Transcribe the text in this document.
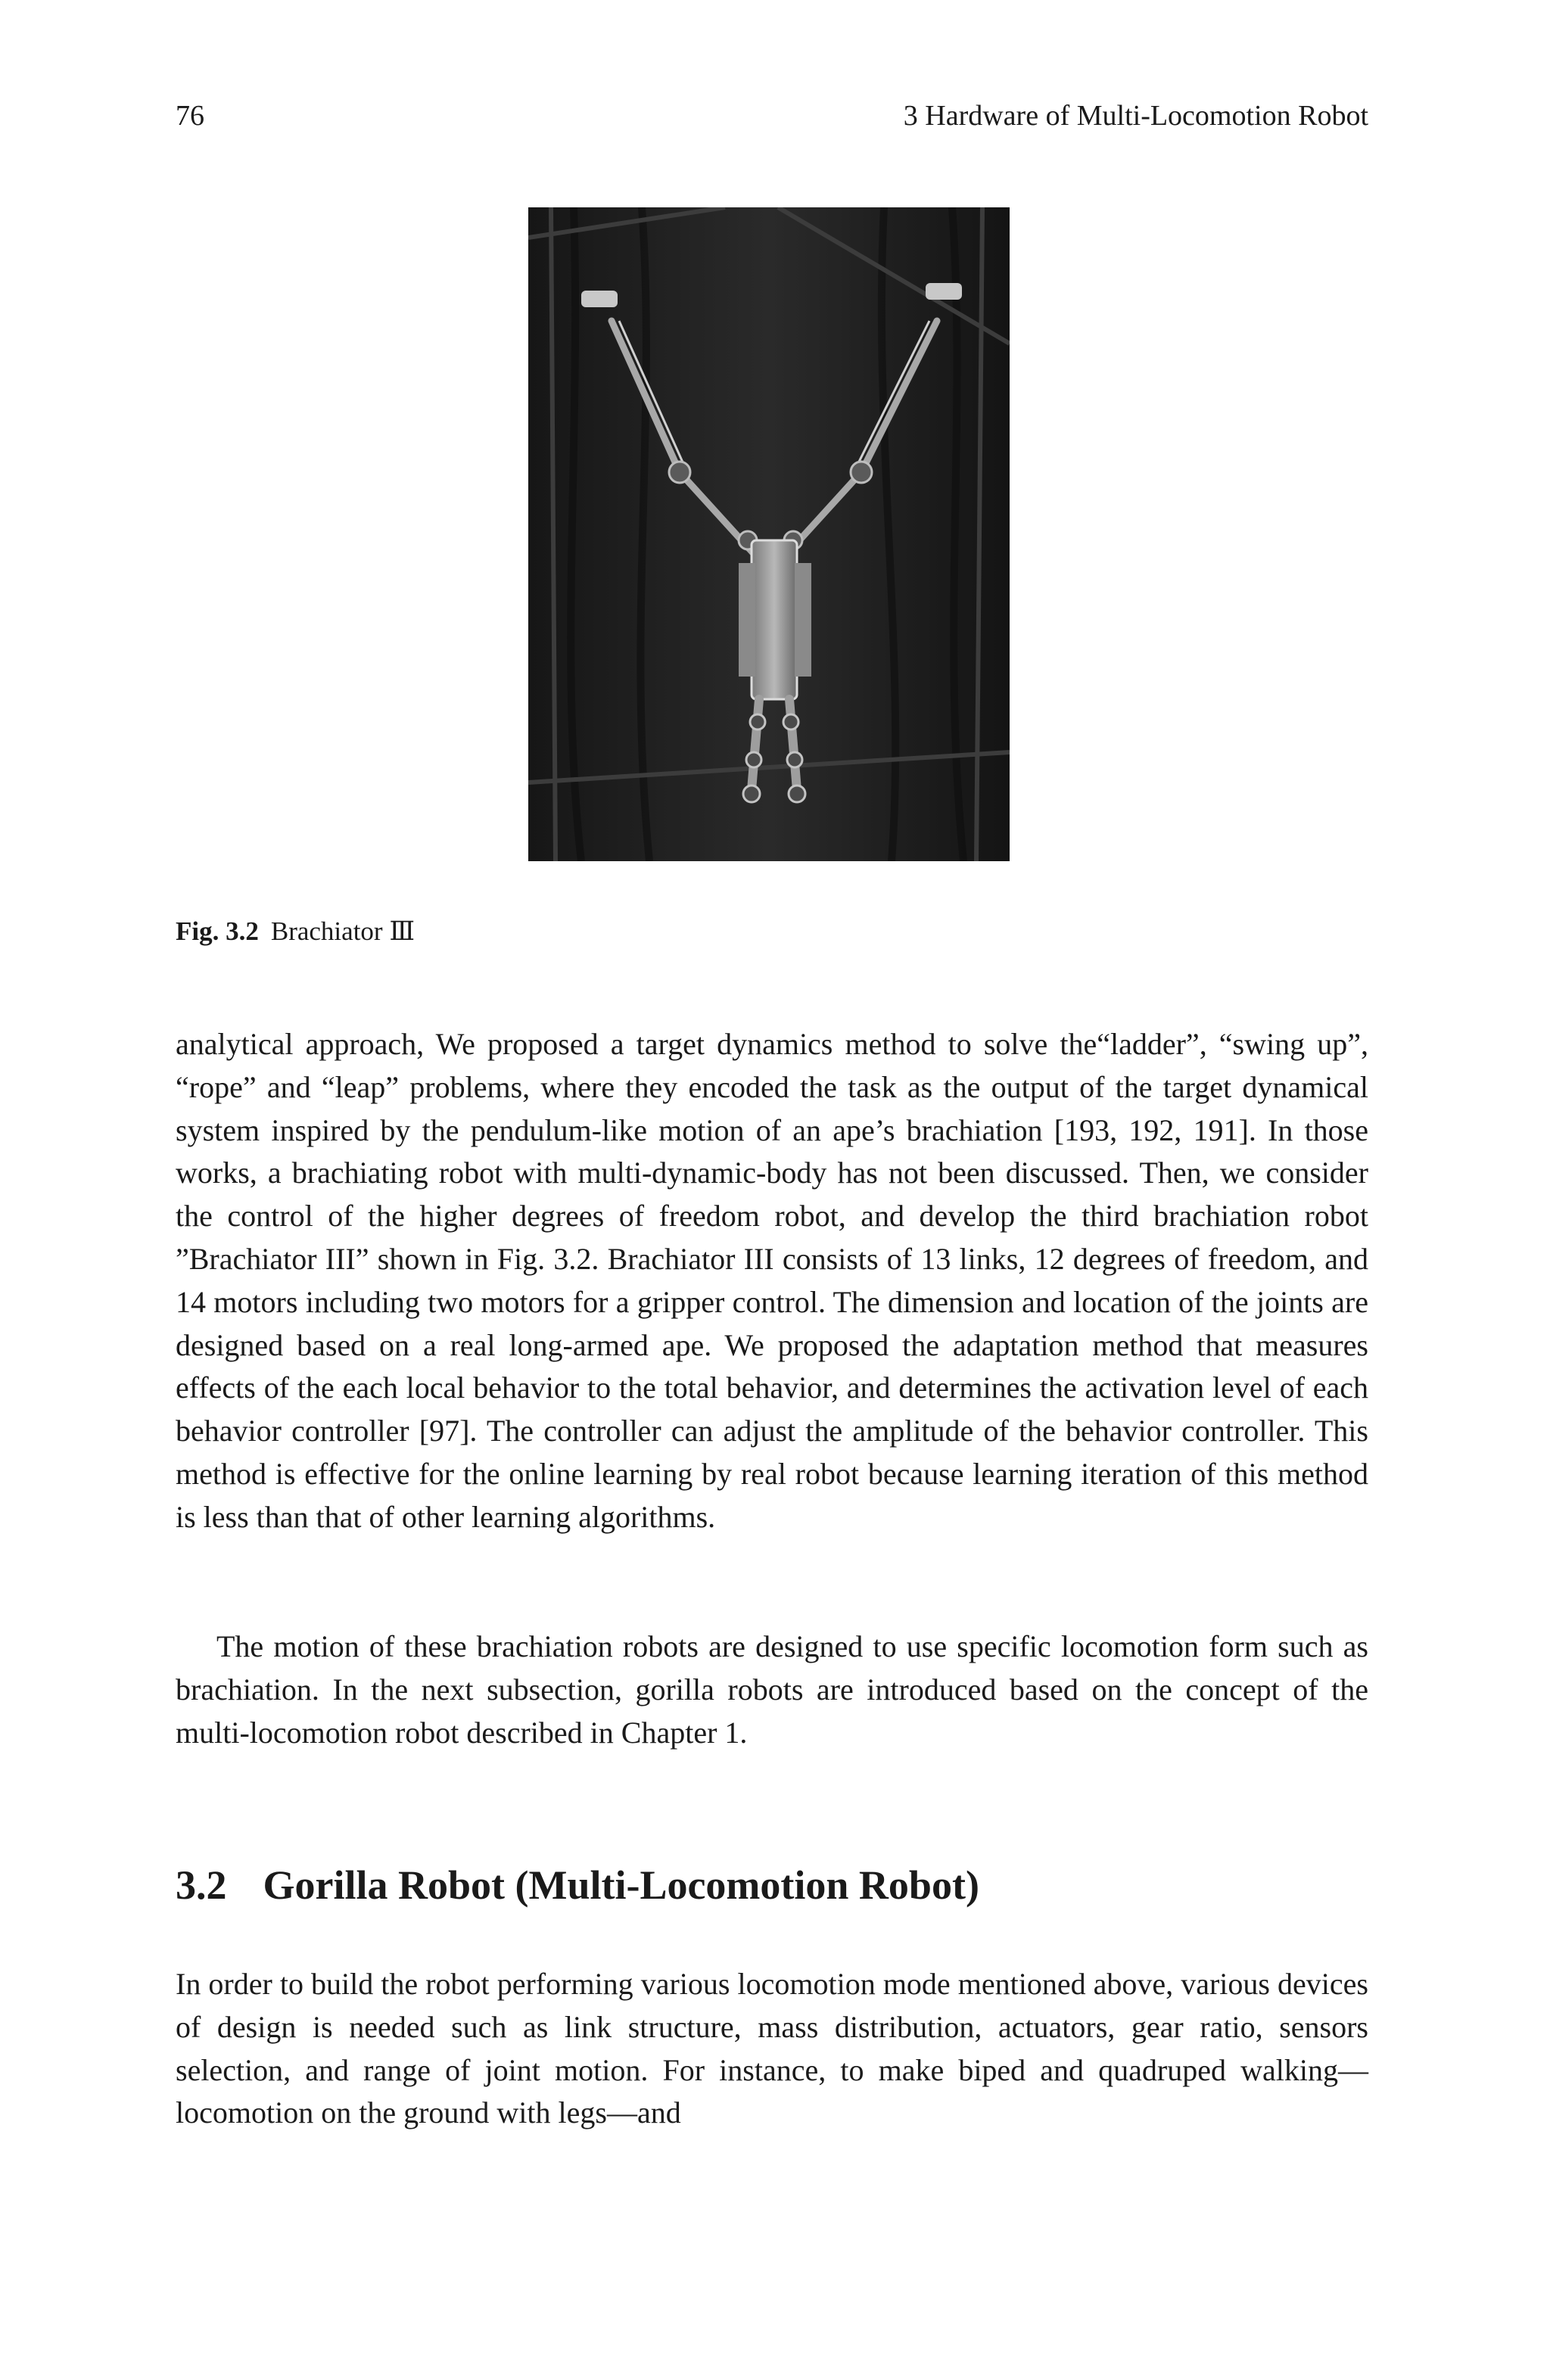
76	3 Hardware of Multi-Locomotion Robot
Fig. 3.2 Brachiator Ⅲ

analytical approach, We proposed a target dynamics method to solve the“ladder”, “swing up”, “rope” and “leap” problems, where they encoded the task as the output of the target dynamical system inspired by the pendulum-like motion of an ape’s brachiation [193, 192, 191]. In those works, a brachiating robot with multi-dynamic-body has not been discussed. Then, we consider the control of the higher degrees of freedom robot, and develop the third brachiation robot ”Brachiator III” shown in Fig. 3.2. Brachiator III consists of 13 links, 12 degrees of freedom, and 14 motors including two motors for a gripper control. The dimension and location of the joints are designed based on a real long-armed ape. We proposed the adaptation method that measures effects of the each local behavior to the total behavior, and determines the activation level of each behavior controller [97]. The controller can adjust the amplitude of the behavior controller. This method is effective for the online learning by real robot because learning iteration of this method is less than that of other learning algorithms.

The motion of these brachiation robots are designed to use specific locomotion form such as brachiation. In the next subsection, gorilla robots are introduced based on the concept of the multi-locomotion robot described in Chapter 1.

3.2 Gorilla Robot (Multi-Locomotion Robot)

In order to build the robot performing various locomotion mode mentioned above, various devices of design is needed such as link structure, mass distribution, actuators, gear ratio, sensors selection, and range of joint motion. For instance, to make biped and quadruped walking—locomotion on the ground with legs—and
